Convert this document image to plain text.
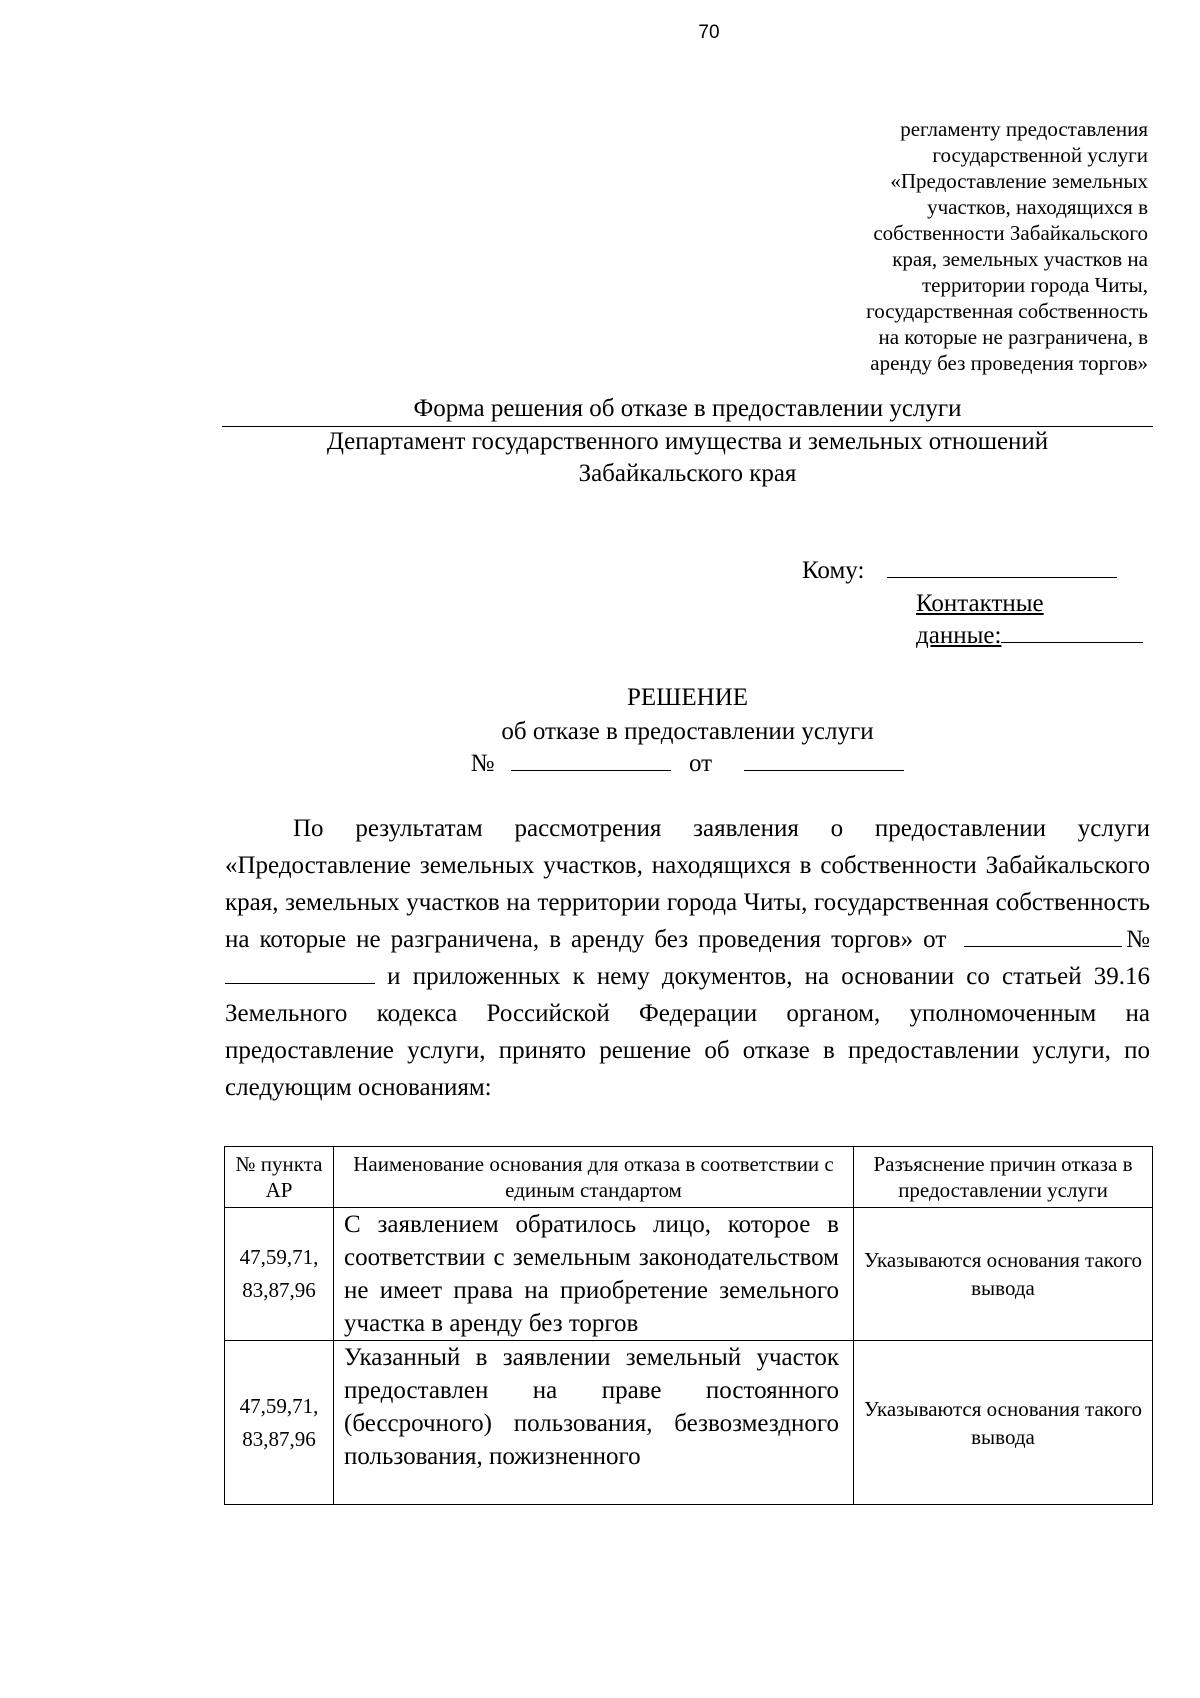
70
регламенту предоставления
государственной услуги
«Предоставление земельных
участков, находящихся в
собственности Забайкальского
края, земельных участков на
территории города Читы,
государственная собственность
на которые не разграничена, в
аренду без проведения торгов»
Форма решения об отказе в предоставлении услуги
Департамент государственного имущества и земельных отношений
Забайкальского края
Кому:
Контактные
данные:
РЕШЕНИЕ
об отказе в предоставлении услуги
№	от
По результатам рассмотрения заявления о предоставлении услуги «Предоставление земельных участков, находящихся в собственности Забайкальского края, земельных участков на территории города Читы, государственная собственность на которые не разграничена, в аренду без проведения торгов» от	№  и приложенных к нему документов, на основании со статьей 39.16 Земельного кодекса Российской Федерации органом, уполномоченным на предоставление услуги, принято решение об отказе в предоставлении услуги, по следующим основаниям:
№ пункта АР	Наименование основания для отказа в соответствии с единым стандартом	Разъяснение причин отказа в предоставлении услуги
47,59,71, 83,87,96	С заявлением обратилось лицо, которое в соответствии с земельным законодательством не имеет права на приобретение земельного участка в аренду без торгов	Указываются основания такого вывода
47,59,71, 83,87,96	Указанный в заявлении земельный участок предоставлен на праве постоянного (бессрочного) пользования, безвозмездного пользования, пожизненного	Указываются основания такого вывода
